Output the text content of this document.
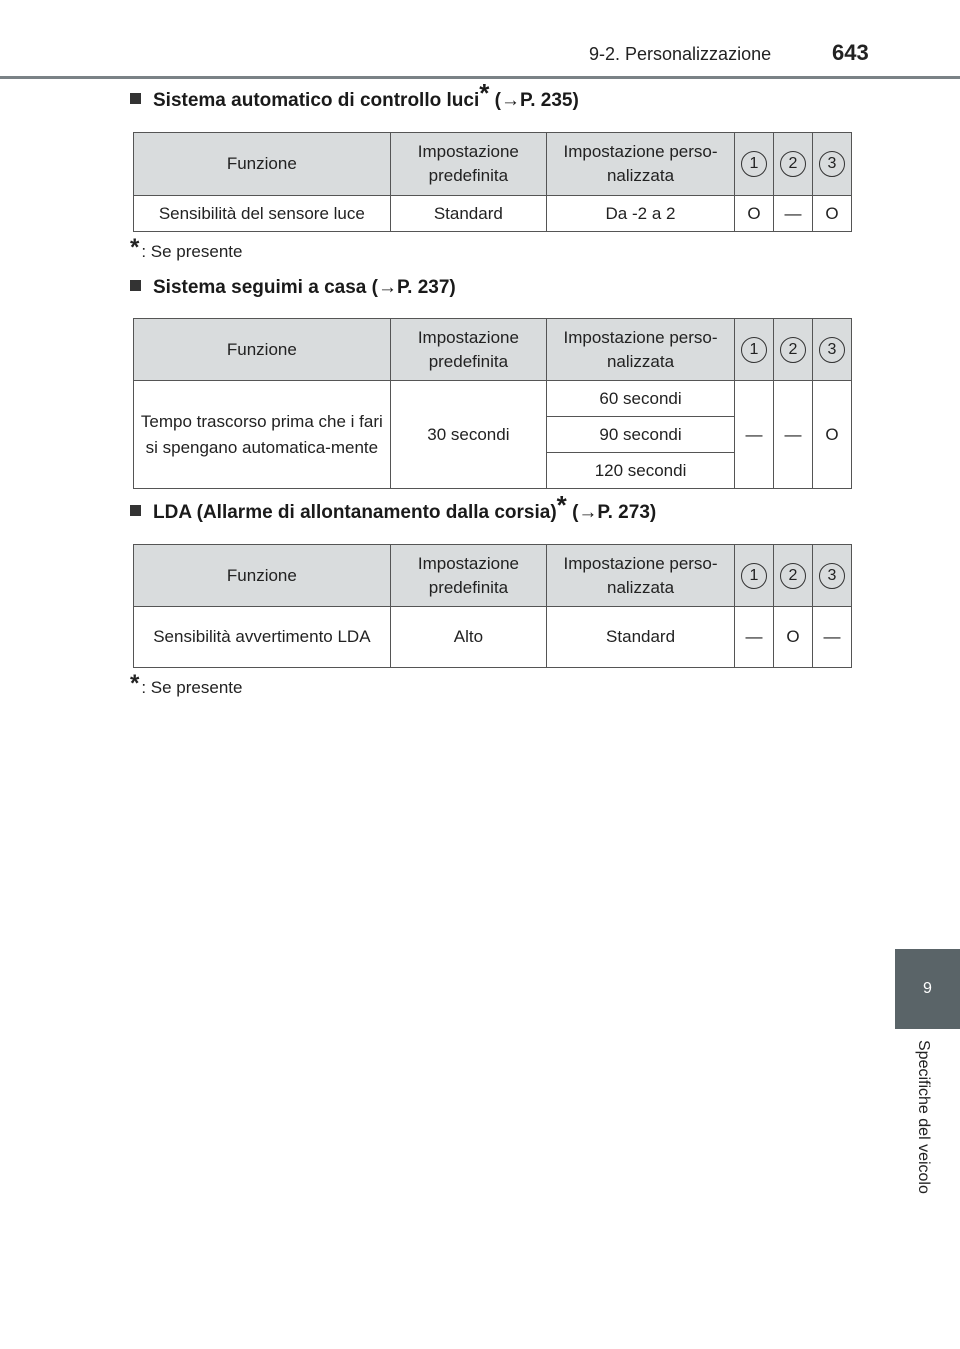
9-2. Personalizzazione	643
9
Specifiche del veicolo
Sistema automatico di controllo luci* (→P. 235)
Funzione	Impostazione predefinita	Impostazione perso-nalizzata	1	2	3
Sensibilità del sensore luce	Standard	Da -2 a 2	O	—	O
* : Se presente
Sistema seguimi a casa (→P. 237)
Funzione	Impostazione predefinita	Impostazione perso-nalizzata	1	2	3
Tempo trascorso prima che i fari si spengano automatica-mente	30 secondi	60 secondi	—	—	O
		90 secondi			
		120 secondi			
LDA (Allarme di allontanamento dalla corsia)* (→P. 273)
Funzione	Impostazione predefinita	Impostazione perso-nalizzata	1	2	3
Sensibilità avvertimento LDA	Alto	Standard	—	O	—
* : Se presente
